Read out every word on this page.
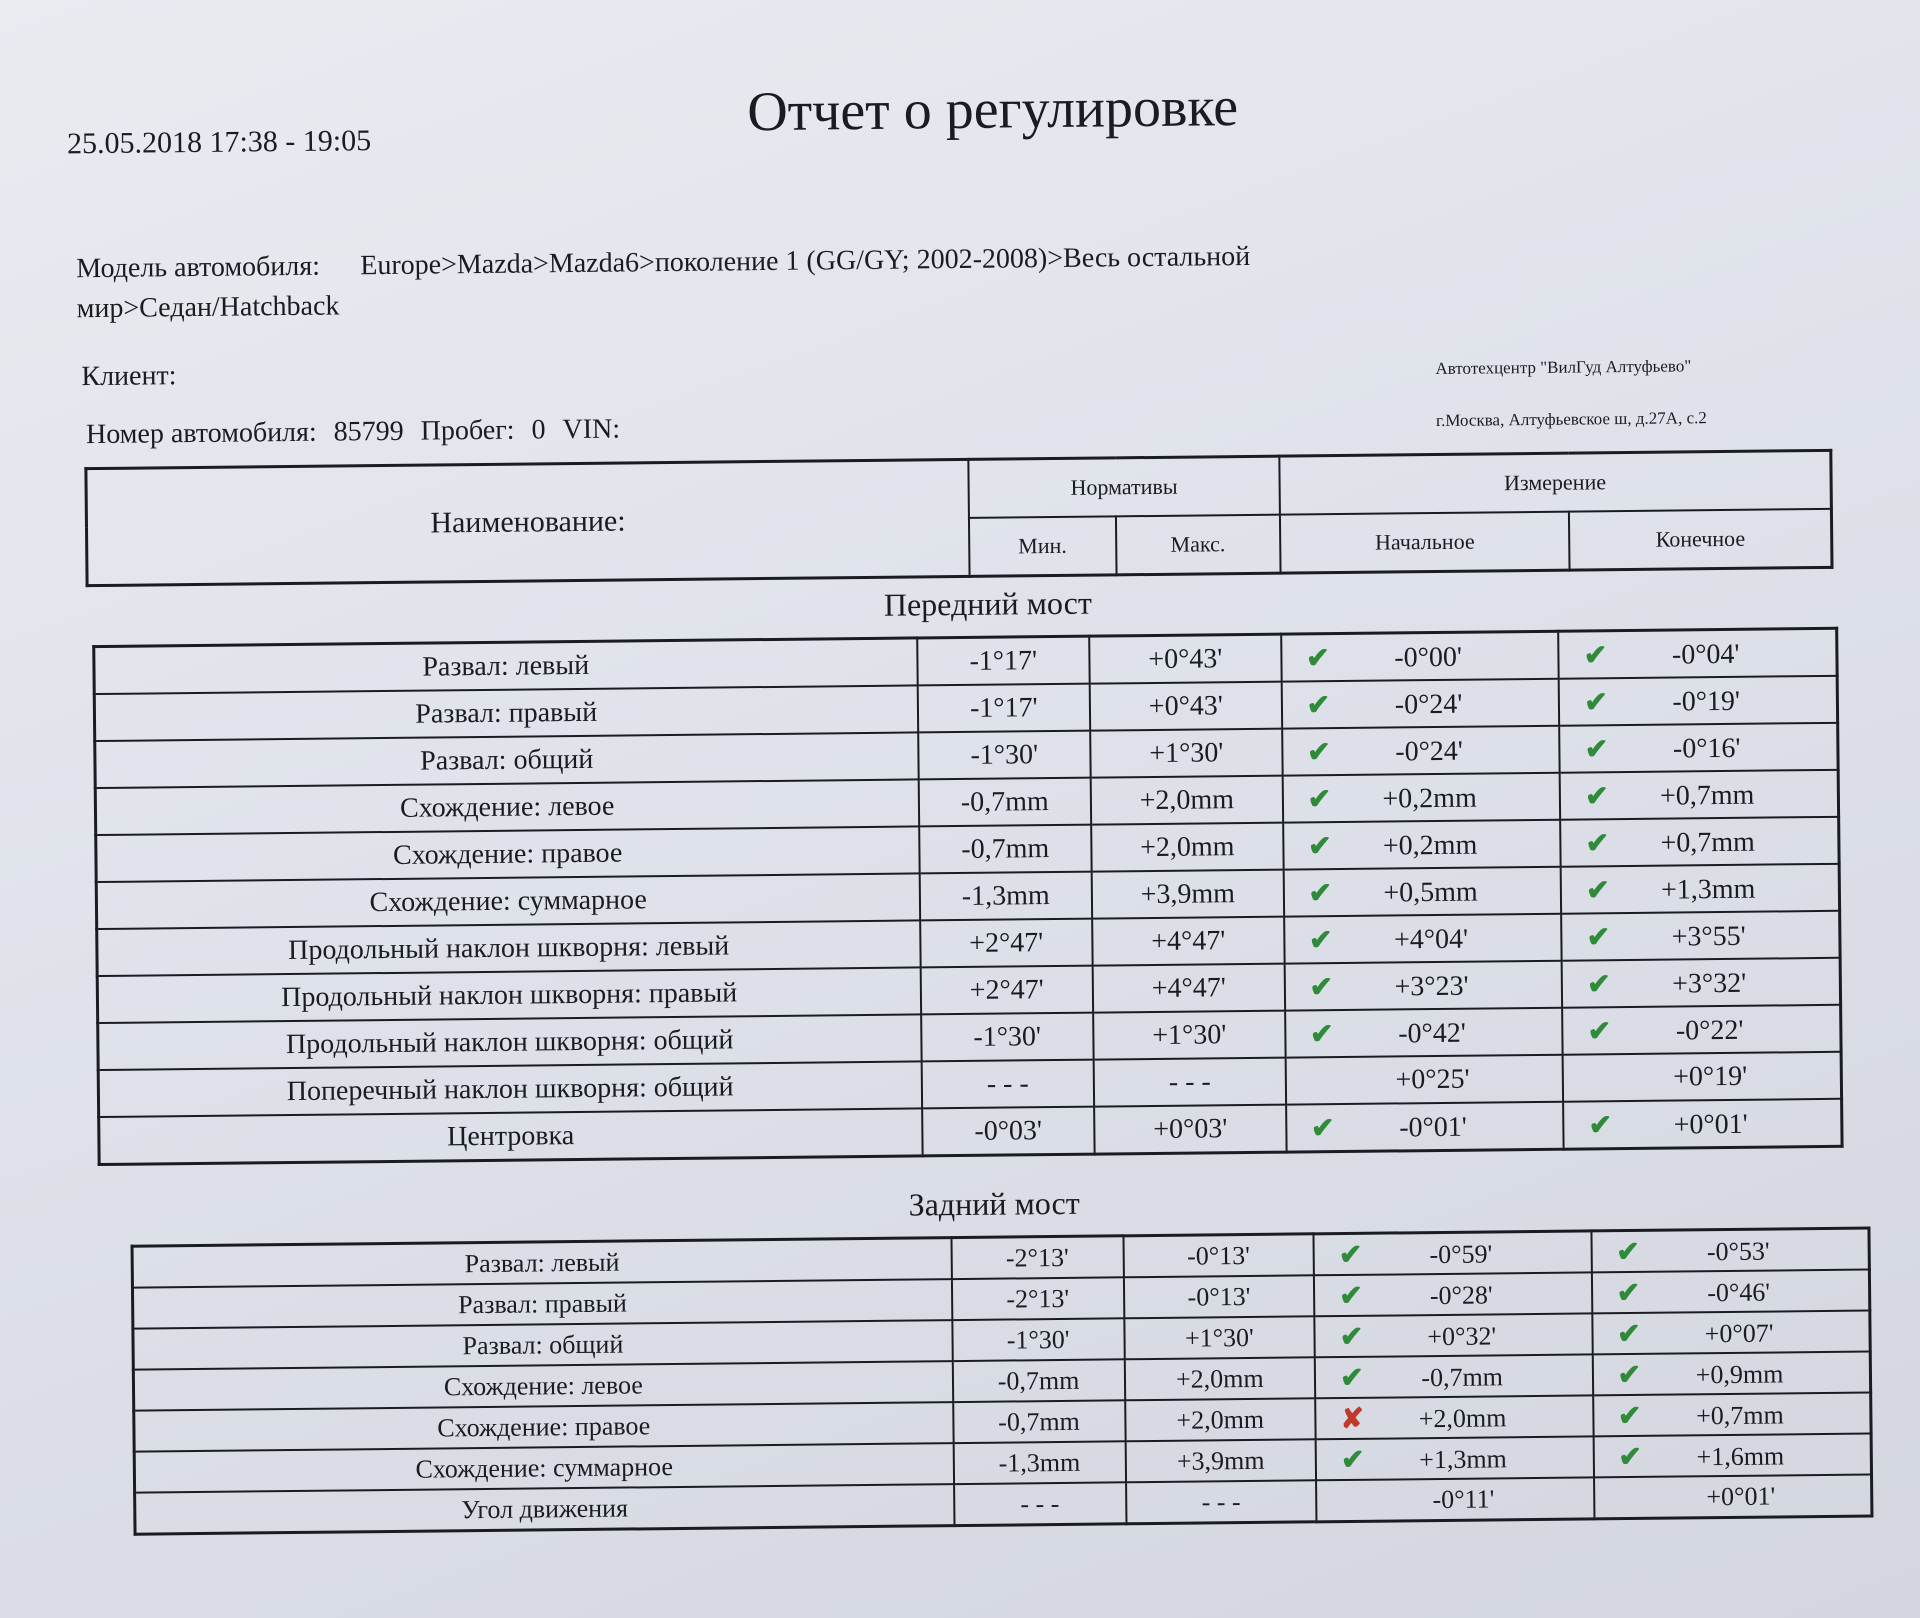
25.05.2018 17:38 - 19:05	Отчет о регулировке
Модель автомобиля: Europe>Mazda>Mazda6>поколение 1 (GG/GY; 2002-2008)>Весь остальной
мир>Седан/Hatchback
Клиент:
Номер автомобиля: 85799 Пробег: 0 VIN:
Автотехцентр "ВилГуд Алтуфьево"
г.Москва, Алтуфьевское ш, д.27А, с.2
Наименование:	Нормативы		Измерение	
	Мин.	Макс.	Начальное	Конечное
Передний мост
Развал: левый	-1°17'	+0°43'	✔ -0°00'	✔ -0°04'
Развал: правый	-1°17'	+0°43'	✔ -0°24'	✔ -0°19'
Развал: общий	-1°30'	+1°30'	✔ -0°24'	✔ -0°16'
Схождение: левое	-0,7mm	+2,0mm	✔ +0,2mm	✔ +0,7mm
Схождение: правое	-0,7mm	+2,0mm	✔ +0,2mm	✔ +0,7mm
Схождение: суммарное	-1,3mm	+3,9mm	✔ +0,5mm	✔ +1,3mm
Продольный наклон шкворня: левый	+2°47'	+4°47'	✔ +4°04'	✔ +3°55'
Продольный наклон шкворня: правый	+2°47'	+4°47'	✔ +3°23'	✔ +3°32'
Продольный наклон шкворня: общий	-1°30'	+1°30'	✔ -0°42'	✔ -0°22'
Поперечный наклон шкворня: общий	- - -	- - -	+0°25'	+0°19'
Центровка	-0°03'	+0°03'	✔ -0°01'	✔ +0°01'
Задний мост
Развал: левый	-2°13'	-0°13'	✔ -0°59'	✔ -0°53'
Развал: правый	-2°13'	-0°13'	✔ -0°28'	✔ -0°46'
Развал: общий	-1°30'	+1°30'	✔ +0°32'	✔ +0°07'
Схождение: левое	-0,7mm	+2,0mm	✔ -0,7mm	✔ +0,9mm
Схождение: правое	-0,7mm	+2,0mm	✘ +2,0mm	✔ +0,7mm
Схождение: суммарное	-1,3mm	+3,9mm	✔ +1,3mm	✔ +1,6mm
Угол движения	- - -	- - -	-0°11'	+0°01'
